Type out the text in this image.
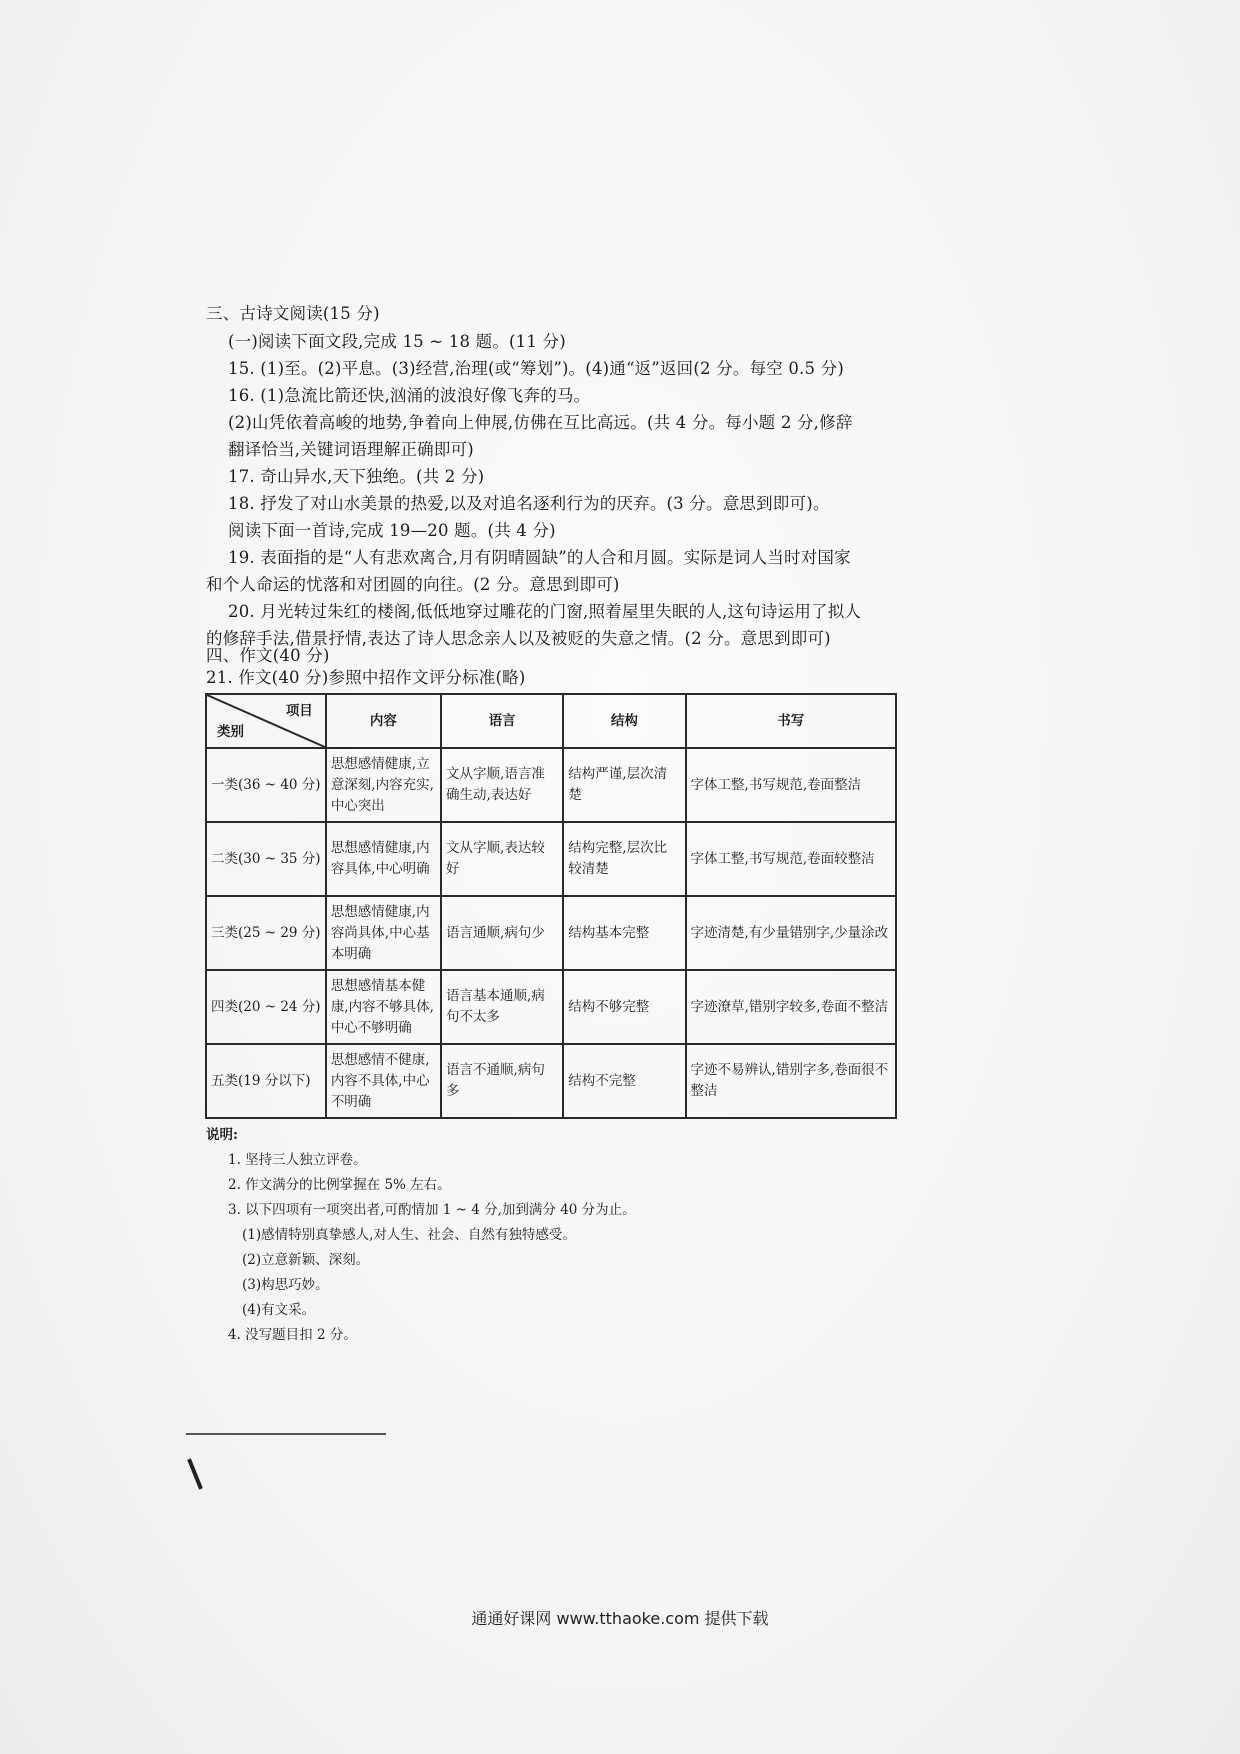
三、古诗文阅读(15 分)
(一)阅读下面文段,完成 15 ~ 18 题。(11 分)
15. (1)至。(2)平息。(3)经营,治理(或“筹划”)。(4)通“返”返回(2 分。每空 0.5 分)
16. (1)急流比箭还快,汹涌的波浪好像飞奔的马。
(2)山凭依着高峻的地势,争着向上伸展,仿佛在互比高远。(共 4 分。每小题 2 分,修辞
翻译恰当,关键词语理解正确即可)
17. 奇山异水,天下独绝。(共 2 分)
18. 抒发了对山水美景的热爱,以及对追名逐利行为的厌弃。(3 分。意思到即可)。
阅读下面一首诗,完成 19—20 题。(共 4 分)
19. 表面指的是“人有悲欢离合,月有阴晴圆缺”的人合和月圆。实际是词人当时对国家
和个人命运的忧落和对团圆的向往。(2 分。意思到即可)
20. 月光转过朱红的楼阁,低低地穿过雕花的门窗,照着屋里失眠的人,这句诗运用了拟人
的修辞手法,借景抒情,表达了诗人思念亲人以及被贬的失意之情。(2 分。意思到即可)
四、作文(40 分)
21. 作文(40 分)参照中招作文评分标准(略)
项目
类别	内容	语言	结构	书写
一类(36 ~ 40 分)	思想感情健康,立意深刻,内容充实,中心突出	文从字顺,语言准确生动,表达好	结构严谨,层次清楚	字体工整,书写规范,卷面整洁
二类(30 ~ 35 分)	思想感情健康,内容具体,中心明确	文从字顺,表达较好	结构完整,层次比较清楚	字体工整,书写规范,卷面较整洁
三类(25 ~ 29 分)	思想感情健康,内容尚具体,中心基本明确	语言通顺,病句少	结构基本完整	字迹清楚,有少量错别字,少量涂改
四类(20 ~ 24 分)	思想感情基本健康,内容不够具体,中心不够明确	语言基本通顺,病句不太多	结构不够完整	字迹潦草,错别字较多,卷面不整洁
五类(19 分以下)	思想感情不健康,内容不具体,中心不明确	语言不通顺,病句多	结构不完整	字迹不易辨认,错别字多,卷面很不整洁
说明:
1. 坚持三人独立评卷。
2. 作文满分的比例掌握在 5% 左右。
3. 以下四项有一项突出者,可酌情加 1 ~ 4 分,加到满分 40 分为止。
(1)感情特别真挚感人,对人生、社会、自然有独特感受。
(2)立意新颖、深刻。
(3)构思巧妙。
(4)有文采。
4. 没写题目扣 2 分。
通通好课网 www.tthaoke.com 提供下载
